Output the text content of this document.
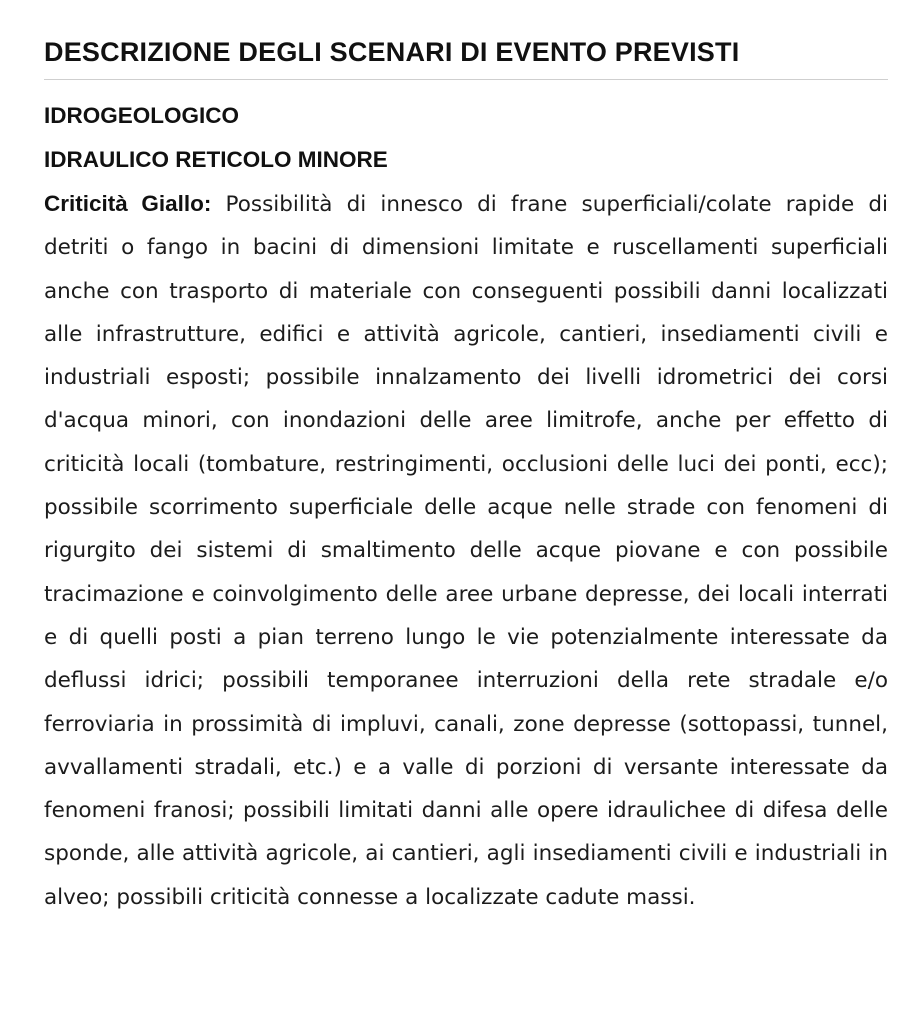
DESCRIZIONE DEGLI SCENARI DI EVENTO PREVISTI
IDROGEOLOGICO
IDRAULICO RETICOLO MINORE

Criticità Giallo: Possibilità di innesco di frane superficiali/colate rapide di detriti o fango in bacini di dimensioni limitate e ruscellamenti superficiali anche con trasporto di materiale con conseguenti possibili danni localizzati alle infrastrutture, edifici e attività agricole, cantieri, insediamenti civili e industriali esposti; possibile innalzamento dei livelli idrometrici dei corsi d'acqua minori, con inondazioni delle aree limitrofe, anche per effetto di criticità locali (tombature, restringimenti, occlusioni delle luci dei ponti, ecc); possibile scorrimento superficiale delle acque nelle strade con fenomeni di rigurgito dei sistemi di smaltimento delle acque piovane e con possibile tracimazione e coinvolgimento delle aree urbane depresse, dei locali interrati e di quelli posti a pian terreno lungo le vie potenzialmente interessate da deflussi idrici; possibili temporanee interruzioni della rete stradale e/o ferroviaria in prossimità di impluvi, canali, zone depresse (sottopassi, tunnel, avvallamenti stradali, etc.) e a valle di porzioni di versante interessate da fenomeni franosi; possibili limitati danni alle opere idraulichee di difesa delle sponde, alle attività agricole, ai cantieri, agli insediamenti civili e industriali in alveo; possibili criticità connesse a localizzate cadute massi.
